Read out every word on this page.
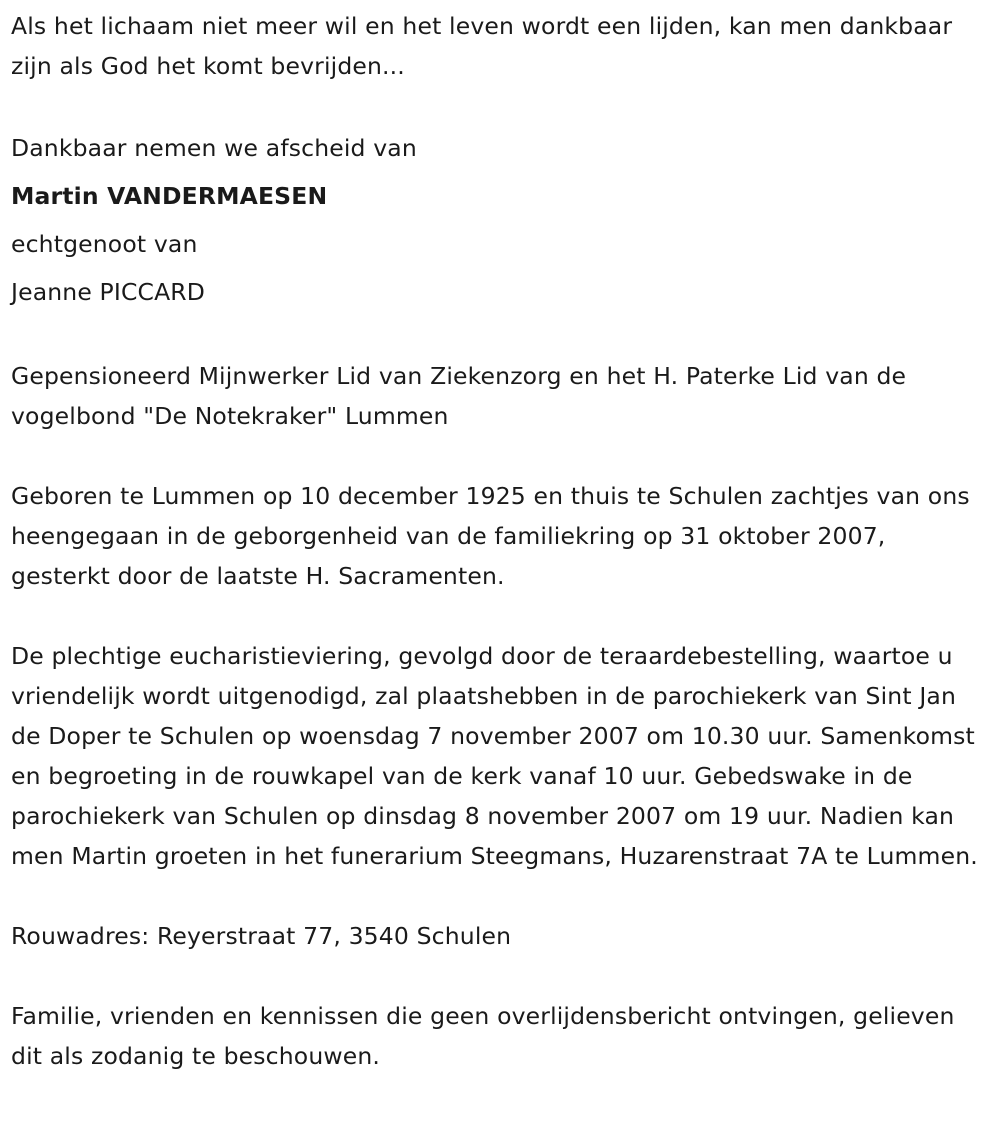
Als het lichaam niet meer wil en het leven wordt een lijden, kan men dankbaar zijn als God het komt bevrijden...

Dankbaar nemen we afscheid van

Martin VANDERMAESEN

echtgenoot van

Jeanne PICCARD

Gepensioneerd Mijnwerker Lid van Ziekenzorg en het H. Paterke Lid van de vogelbond "De Notekraker" Lummen

Geboren te Lummen op 10 december 1925 en thuis te Schulen zachtjes van ons heengegaan in de geborgenheid van de familiekring op 31 oktober 2007, gesterkt door de laatste H. Sacramenten.

De plechtige eucharistieviering, gevolgd door de teraardebestelling, waartoe u vriendelijk wordt uitgenodigd, zal plaatshebben in de parochiekerk van Sint Jan de Doper te Schulen op woensdag 7 november 2007 om 10.30 uur. Samenkomst en begroeting in de rouwkapel van de kerk vanaf 10 uur. Gebedswake in de parochiekerk van Schulen op dinsdag 8 november 2007 om 19 uur. Nadien kan men Martin groeten in het funerarium Steegmans, Huzarenstraat 7A te Lummen.

Rouwadres: Reyerstraat 77, 3540 Schulen

Familie, vrienden en kennissen die geen overlijdensbericht ontvingen, gelieven dit als zodanig te beschouwen.
